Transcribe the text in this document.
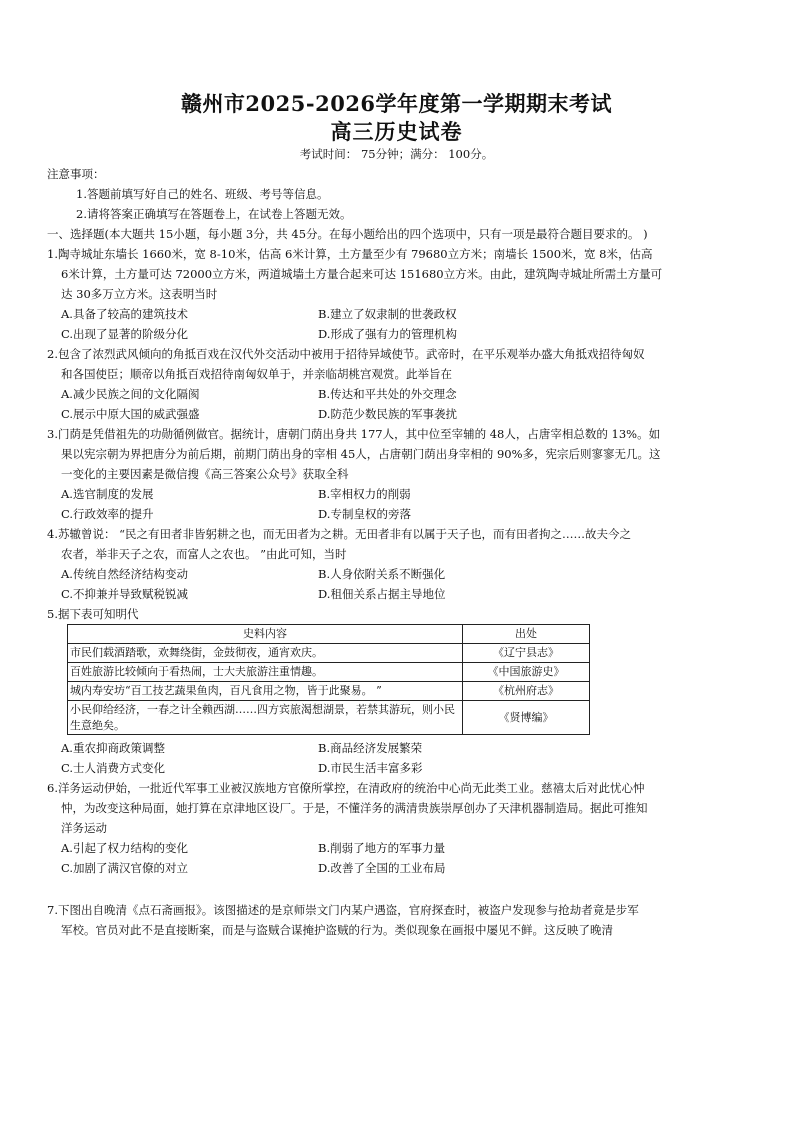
赣州市2025-2026学年度第一学期期末考试
高三历史试卷
考试时间： 75分钟；满分： 100分。
注意事项：
1.答题前填写好自己的姓名、班级、考号等信息。
2.请将答案正确填写在答题卷上，在试卷上答题无效。
一、选择题(本大题共 15小题，每小题 3分，共 45分。在每小题给出的四个选项中，只有一项是最符合题目要求的。 )
1.陶寺城址东墙长 1660米，宽 8-10米，估高 6米计算，土方量至少有 79680立方米；南墙长 1500米，宽 8米，估高
6米计算，土方量可达 72000立方米，两道城墙土方量合起来可达 151680立方米。由此，建筑陶寺城址所需土方量可
达 30多万立方米。这表明当时
A.具备了较高的建筑技术	B.建立了奴隶制的世袭政权
C.出现了显著的阶级分化	D.形成了强有力的管理机构
2.包含了浓烈武风倾向的角抵百戏在汉代外交活动中被用于招待异域使节。武帝时，在平乐观举办盛大角抵戏招待匈奴
和各国使臣；顺帝以角抵百戏招待南匈奴单于，并亲临胡桃宫观赏。此举旨在
A.减少民族之间的文化隔阂	B.传达和平共处的外交理念
C.展示中原大国的威武强盛	D.防范少数民族的军事袭扰
3.门荫是凭借祖先的功勋循例做官。据统计，唐朝门荫出身共 177人，其中位至宰辅的 48人，占唐宰相总数的 13%。如
果以宪宗朝为界把唐分为前后期，前期门荫出身的宰相 45人，占唐朝门荫出身宰相的 90%多，宪宗后则寥寥无几。这
一变化的主要因素是微信搜《高三答案公众号》获取全科
A.选官制度的发展	B.宰相权力的削弱
C.行政效率的提升	D.专制皇权的旁落
4.苏辙曾说： “民之有田者非皆躬耕之也，而无田者为之耕。无田者非有以属于天子也，而有田者拘之……故夫今之
农者，举非天子之农，而富人之农也。 ”由此可知，当时
A.传统自然经济结构变动	B.人身依附关系不断强化
C.不抑兼并导致赋税锐减	D.租佃关系占据主导地位
5.据下表可知明代
史料内容	出处
市民们载酒踏歌，欢舞绕街，金鼓彻夜，通宵欢庆。	《辽宁县志》
百姓旅游比较倾向于看热闹，士大夫旅游注重情趣。	《中国旅游史》
城内寿安坊“百工技艺蔬果鱼肉，百凡食用之物，皆于此聚易。 ”	《杭州府志》
小民仰给经济，一春之计全赖西湖……四方宾旅渴想湖景，若禁其游玩，则小民生意绝矣。	《贤博编》
A.重农抑商政策调整	B.商品经济发展繁荣
C.士人消费方式变化	D.市民生活丰富多彩
6.洋务运动伊始，一批近代军事工业被汉族地方官僚所掌控，在清政府的统治中心尚无此类工业。慈禧太后对此忧心忡
忡，为改变这种局面，她打算在京津地区设厂。于是，不懂洋务的满清贵族崇厚创办了天津机器制造局。据此可推知
洋务运动
A.引起了权力结构的变化	B.削弱了地方的军事力量
C.加剧了满汉官僚的对立	D.改善了全国的工业布局
7.下图出自晚清《点石斋画报》。该图描述的是京师崇文门内某户遇盗，官府探查时，被盗户发现参与抢劫者竟是步军
军校。官员对此不是直接断案，而是与盗贼合谋掩护盗贼的行为。类似现象在画报中屡见不鲜。这反映了晚清
